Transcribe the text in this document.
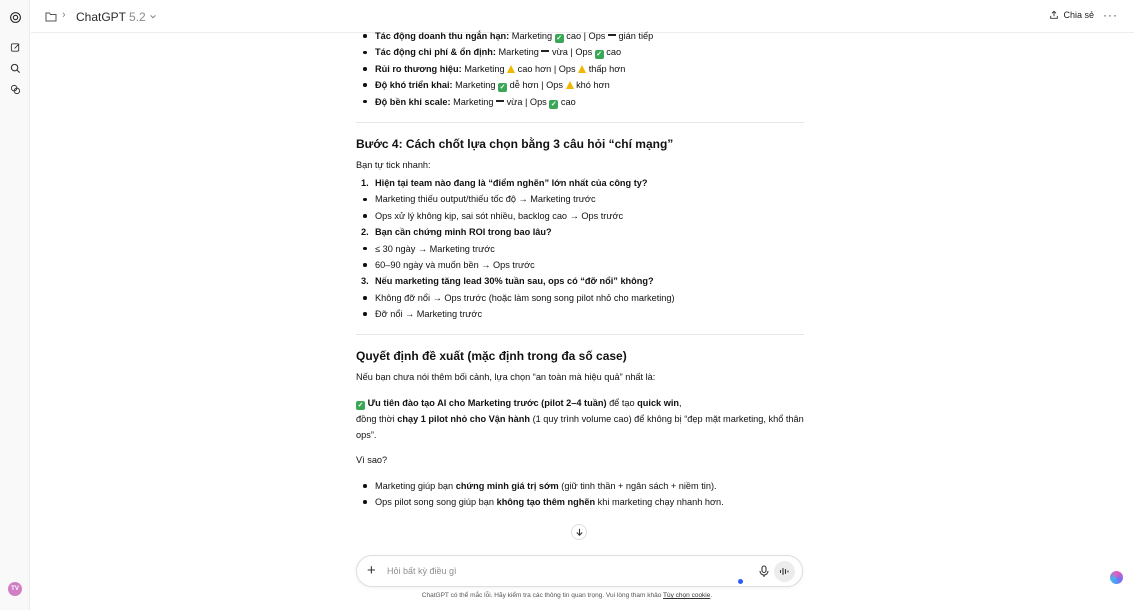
TV
› ChatGPT 5.2	Chia sẻ ···
Tác động doanh thu ngắn hạn: Marketing ✓ cao | Ops  gián tiếp
Tác động chi phí & ổn định: Marketing  vừa | Ops ✓ cao
Rủi ro thương hiệu: Marketing  cao hơn | Ops  thấp hơn
Độ khó triển khai: Marketing ✓ dễ hơn | Ops  khó hơn
Độ bền khi scale: Marketing  vừa | Ops ✓ cao
Bước 4: Cách chốt lựa chọn bằng 3 câu hỏi “chí mạng”

Bạn tự tick nhanh:

1. Hiện tại team nào đang là “điểm nghẽn” lớn nhất của công ty?
Marketing thiếu output/thiếu tốc độ → Marketing trước
Ops xử lý không kịp, sai sót nhiều, backlog cao → Ops trước
2. Bạn cần chứng minh ROI trong bao lâu?
≤ 30 ngày → Marketing trước
60–90 ngày và muốn bền → Ops trước
3. Nếu marketing tăng lead 30% tuần sau, ops có “đỡ nổi” không?
Không đỡ nổi → Ops trước (hoặc làm song song pilot nhỏ cho marketing)
Đỡ nổi → Marketing trước
Quyết định đề xuất (mặc định trong đa số case)

Nếu bạn chưa nói thêm bối cảnh, lựa chọn “an toàn mà hiệu quả” nhất là:

✓ Ưu tiên đào tạo AI cho Marketing trước (pilot 2–4 tuần) để tạo quick win,
đồng thời chạy 1 pilot nhỏ cho Vận hành (1 quy trình volume cao) để không bị “đẹp mặt marketing, khổ thân ops”.

Vì sao?

Marketing giúp bạn chứng minh giá trị sớm (giữ tinh thần + ngân sách + niềm tin).
Ops pilot song song giúp bạn không tạo thêm nghẽn khi marketing chạy nhanh hơn.
+ Hỏi bất kỳ điều gì
ChatGPT có thể mắc lỗi. Hãy kiểm tra các thông tin quan trọng. Vui lòng tham khảo Tùy chọn cookie.
